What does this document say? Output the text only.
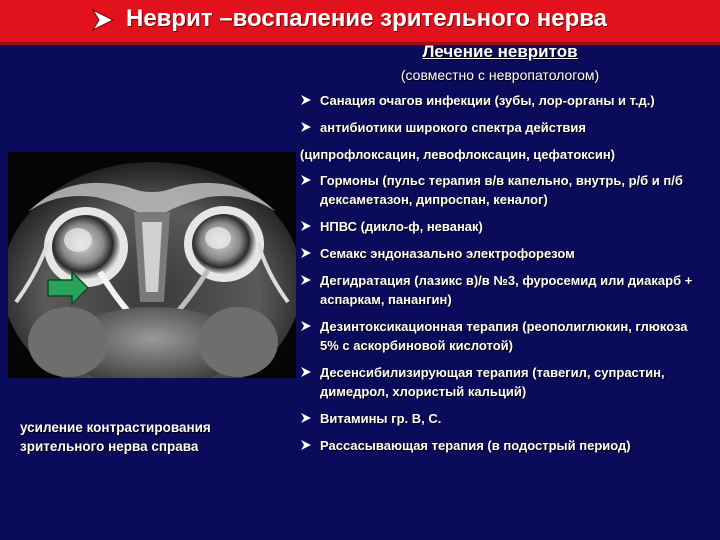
Неврит –воспаление зрительного нерва
Лечение невритов
(совместно с невропатологом)
усиление контрастирования зрительного нерва справа
Санация очагов инфекции (зубы, лор-органы и т.д.)
антибиотики широкого спектра действия
(ципрофлоксацин, левофлоксацин, цефатоксин)
Гормоны (пульс терапия в/в капельно, внутрь, р/б и п/б дексаметазон, дипроспан, кеналог)
НПВС (дикло-ф, неванак)
Семакс эндоназально электрофорезом
Дегидратация (лазикс в)/в №3, фуросемид или диакарб + аспаркам, панангин)
Дезинтоксикационная терапия (реополиглюкин, глюкоза 5% с аскорбиновой кислотой)
Десенсибилизирующая терапия (тавегил, супрастин, димедрол, хлористый кальций)
Витамины гр. В, С.
Рассасывающая терапия (в подострый период)
